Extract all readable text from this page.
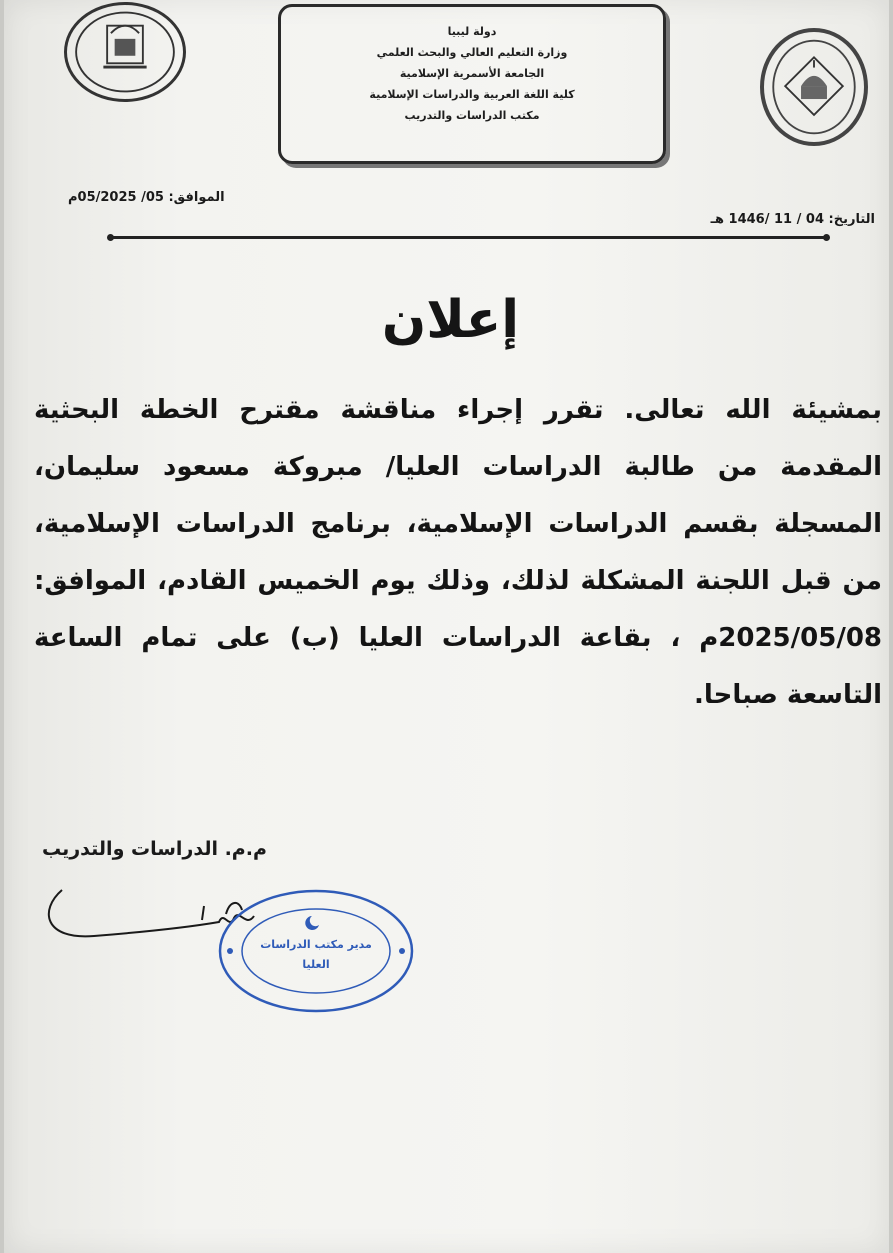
دولة ليبيا
وزارة التعليم العالي والبحث العلمي
الجامعة الأسمرية الإسلامية
كلية اللغة العربية والدراسات الإسلامية
مكتب الدراسات والتدريب
الموافق: 05/ 05/2025م
التاريخ: 04 / 11 /1446 هـ
إعلان
بمشيئة الله تعالى. تقرر إجراء مناقشة مقترح الخطة البحثية المقدمة من طالبة الدراسات العليا/ مبروكة مسعود سليمان، المسجلة بقسم الدراسات الإسلامية، برنامج الدراسات الإسلامية، من قبل اللجنة المشكلة لذلك، وذلك يوم الخميس القادم، الموافق: 2025/05/08م ، بقاعة الدراسات العليا (ب) على تمام الساعة التاسعة صباحا.
م.م. الدراسات والتدريب
مدير مكتب الدراسات
العليا
